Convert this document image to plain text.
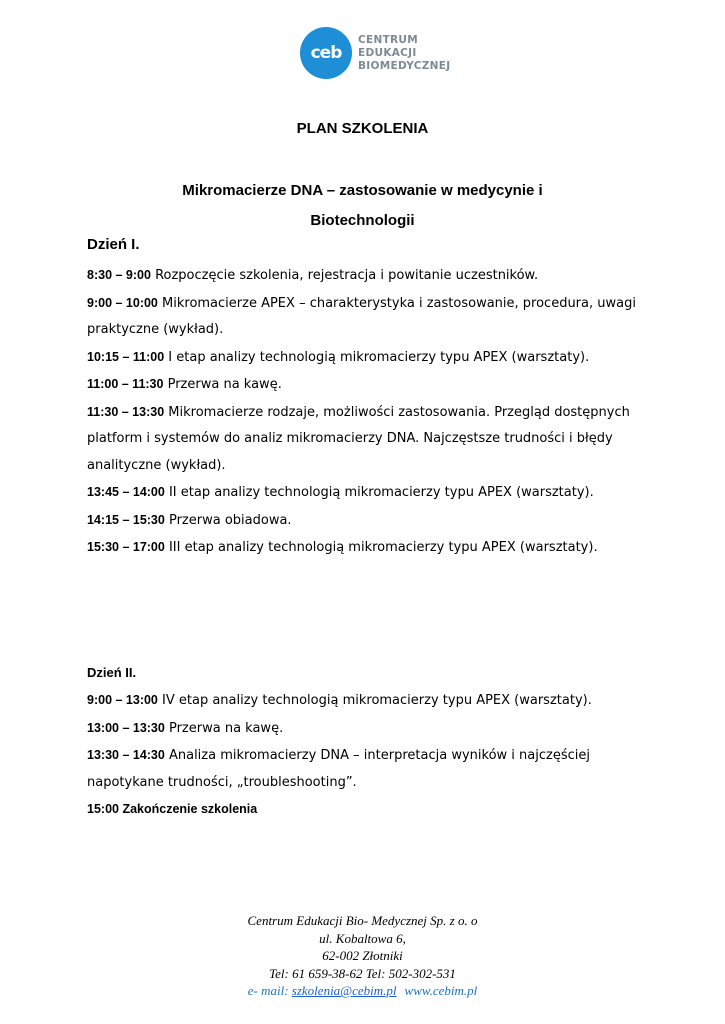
ceb
CENTRUM
EDUKACJI
BIOMEDYCZNEJ
PLAN SZKOLENIA
Mikromacierze DNA – zastosowanie w medycynie i
Biotechnologii
Dzień I.

8:30 – 9:00 Rozpoczęcie szkolenia, rejestracja i powitanie uczestników.

9:00 – 10:00 Mikromacierze APEX – charakterystyka i zastosowanie, procedura, uwagi praktyczne (wykład).

10:15 – 11:00 I etap analizy technologią mikromacierzy typu APEX (warsztaty).

11:00 – 11:30 Przerwa na kawę.

11:30 – 13:30 Mikromacierze rodzaje, możliwości zastosowania. Przegląd dostępnych platform i systemów do analiz mikromacierzy DNA. Najczęstsze trudności i błędy analityczne (wykład).

13:45 – 14:00 II etap analizy technologią mikromacierzy typu APEX (warsztaty).

14:15 – 15:30 Przerwa obiadowa.

15:30 – 17:00 III etap analizy technologią mikromacierzy typu APEX (warsztaty).

Dzień II.

9:00 – 13:00 IV etap analizy technologią mikromacierzy typu APEX (warsztaty).

13:00 – 13:30 Przerwa na kawę.

13:30 – 14:30 Analiza mikromacierzy DNA – interpretacja wyników i najczęściej napotykane trudności, „troubleshooting”.

15:00 Zakończenie szkolenia

Centrum Edukacji Bio- Medycznej Sp. z o. o
ul. Kobaltowa 6,
62-002 Złotniki
Tel: 61 659-38-62 Tel: 502-302-531
e- mail: szkolenia@cebim.pl www.cebim.pl
